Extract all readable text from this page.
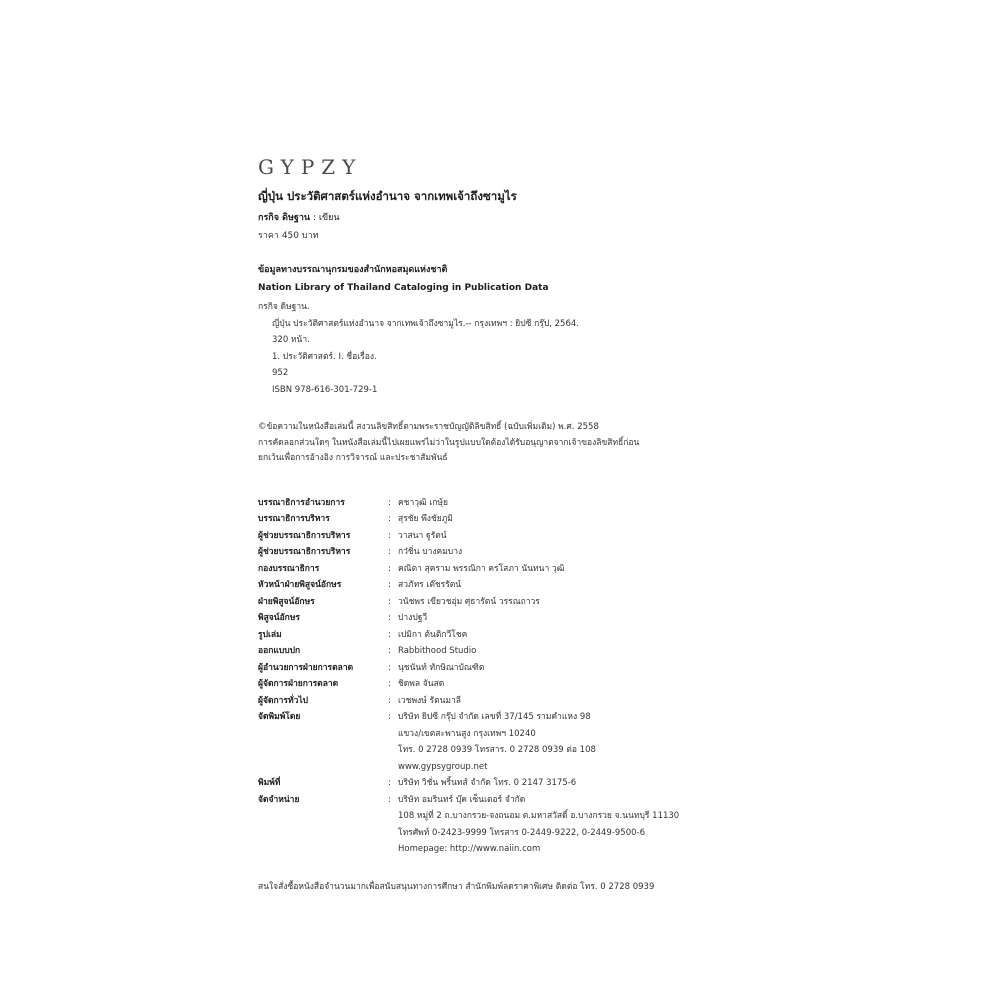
GYPZY
ญี่ปุ่น ประวัติศาสตร์แห่งอำนาจ จากเทพเจ้าถึงซามูไร
กรกิจ ดิษฐาน : เขียน
ราคา 450 บาท
ข้อมูลทางบรรณานุกรมของสำนักหอสมุดแห่งชาติ
Nation Library of Thailand Cataloging in Publication Data
กรกิจ ดิษฐาน.
ญี่ปุ่น ประวัติศาสตร์แห่งอำนาจ จากเทพเจ้าถึงซามูไร.-- กรุงเทพฯ : ยิปซี กรุ๊ป, 2564.
320 หน้า.
1. ประวัติศาสตร์. I. ชื่อเรื่อง.
952
ISBN 978-616-301-729-1
©ข้อความในหนังสือเล่มนี้ สงวนลิขสิทธิ์ตามพระราชบัญญัติลิขสิทธิ์ (ฉบับเพิ่มเติม) พ.ศ. 2558
การคัดลอกส่วนใดๆ ในหนังสือเล่มนี้ไปเผยแพร่ไม่ว่าในรูปแบบใดต้องได้รับอนุญาตจากเจ้าของลิขสิทธิ์ก่อน
ยกเว้นเพื่อการอ้างอิง การวิจารณ์ และประชาสัมพันธ์
บรรณาธิการอำนวยการ	: คชาวุฒิ เกษุ้ย
บรรณาธิการบริหาร	: สุรชัย พึงชัยภูมิ
ผู้ช่วยบรรณาธิการบริหาร	: วาสนา ฐูรัตน์
ผู้ช่วยบรรณาธิการบริหาร	: กว๋ชิ่น บางคมบาง
กองบรรณาธิการ	: คณิตา สุคราม พรรณิกา ครโสภา นันทนา วุฒิ
หัวหน้าฝ่ายพิสูจน์อักษร	: สวภัทร เต๊ชรรัตน์
ฝ่ายพิสูจน์อักษร	: วนัชพร เขียวชอุ่ม ศุธารัตน์ วรรณถาวร
พิสูจน์อักษร	: ปางปฐวี
รูปเล่ม	: เปมิกา ต้นติกวีโชค
ออกแบบปก	: Rabbithood Studio
ผู้อำนวยการฝ่ายการตลาด	: นุชนันท์ ทักษิณาบัณฑิต
ผู้จัดการฝ่ายการตลาด	: ชิดพล จันสด
ผู้จัดการทั่วไป	: เวชพงษ์ รัตนมาลี
จัดพิมพ์โดย	: บริษัท ยิปซี กรุ๊ป จำกัด เลขที่ 37/145 รามคำแหง 98
แขวง/เขตสะพานสูง กรุงเทพฯ 10240
โทร. 0 2728 0939 โทรสาร. 0 2728 0939 ต่อ 108
www.gypsygroup.net
พิมพ์ที่	: บริษัท วิชั่น พริ้นทส์ จำกัด โทร. 0 2147 3175-6
จัดจำหน่าย	: บริษัท อมรินทร์ บุ๊ค เซ็นเตอร์ จำกัด
108 หมู่ที่ 2 ถ.บางกรวย-จงถนอม ต.มหาสวัสดิ์ อ.บางกรวย จ.นนทบุรี 11130
โทรศัพท์ 0-2423-9999 โทรสาร 0-2449-9222, 0-2449-9500-6
Homepage: http://www.naiin.com
สนใจสั่งซื้อหนังสือจำนวนมากเพื่อสนับสนุนทางการศึกษา สำนักพิมพ์ลดราคาพิเศษ ติดต่อ โทร. 0 2728 0939
